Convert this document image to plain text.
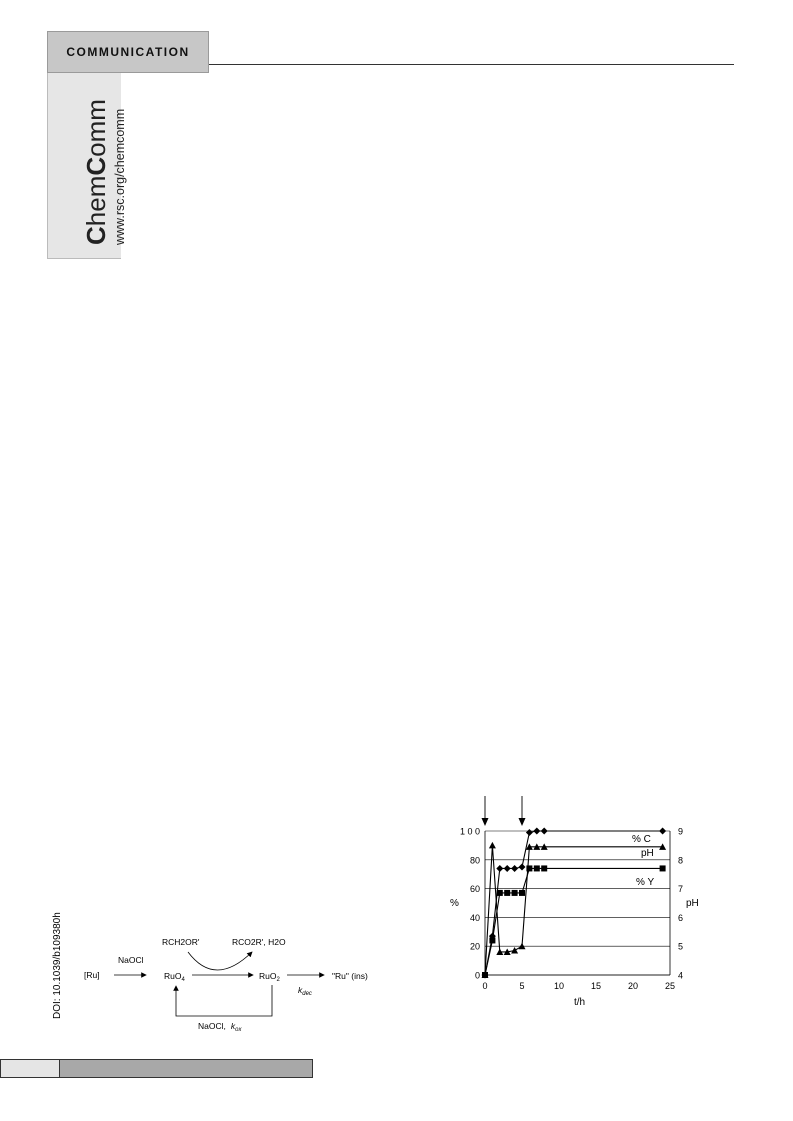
COMMUNICATION
ChemComm www.rsc.org/chemcomm
DOI: 10.1039/b109380h	RCH2OR'	RCO2R', H2O
[Ru]
NaOCl
RuO$_4$	RuO$_2$	"Ru" (ins)
$k_{dec}$
NaOCl, $k_{ox}$
0
20
40
60
80
1 0 0
4
5
6
7
8
9
0	5	10	15	20	25
%	pH
t/h
% C
pH
% Y
